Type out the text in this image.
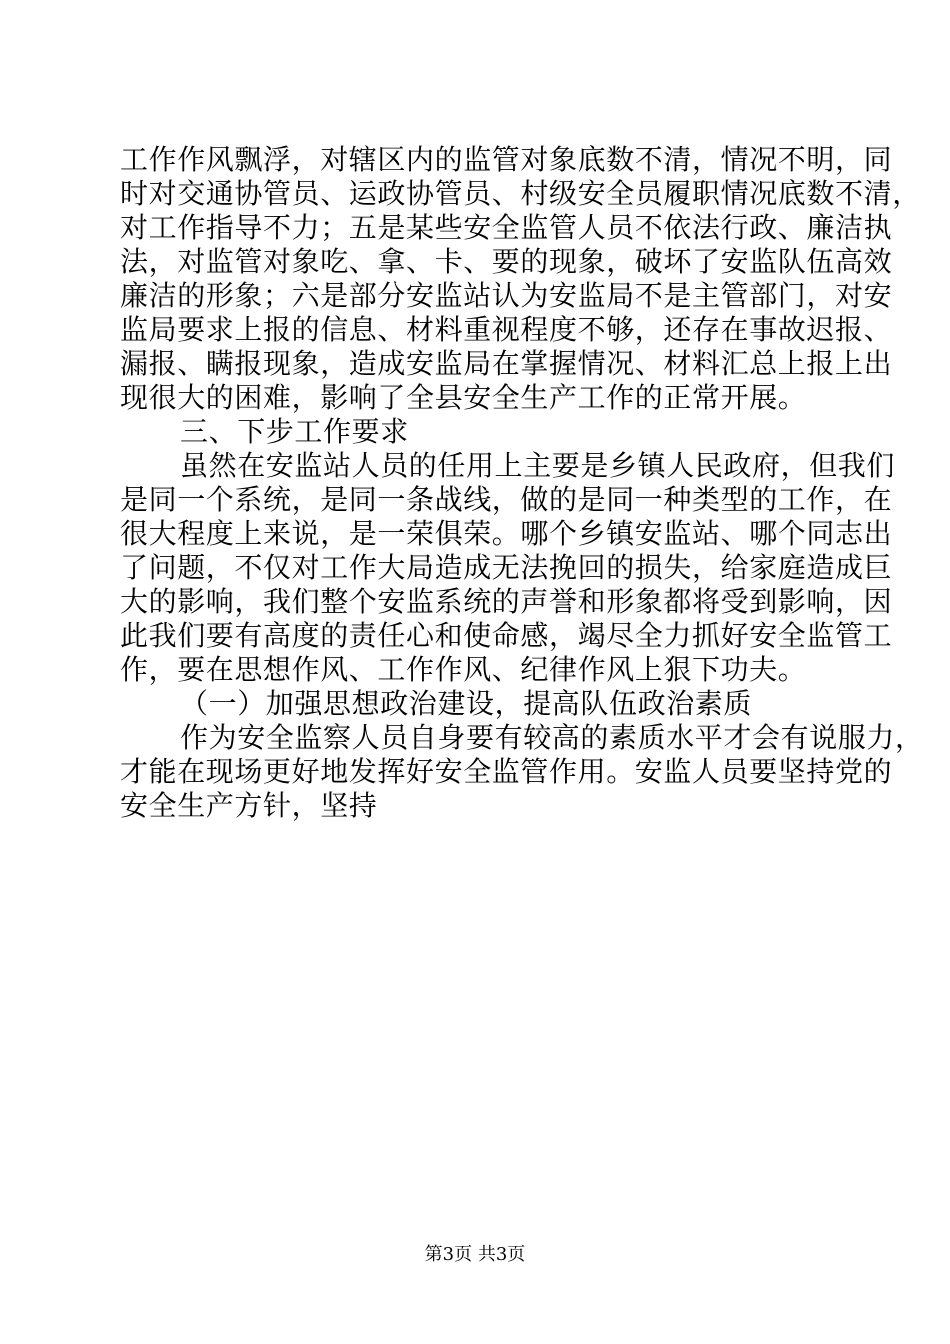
工作作风飘浮，对辖区内的监管对象底数不清，情况不明，同
时对交通协管员、运政协管员、村级安全员履职情况底数不清，
对工作指导不力；五是某些安全监管人员不依法行政、廉洁执
法，对监管对象吃、拿、卡、要的现象，破坏了安监队伍高效
廉洁的形象；六是部分安监站认为安监局不是主管部门，对安
监局要求上报的信息、材料重视程度不够，还存在事故迟报、
漏报、瞒报现象，造成安监局在掌握情况、材料汇总上报上出
现很大的困难，影响了全县安全生产工作的正常开展。
三、下步工作要求
虽然在安监站人员的任用上主要是乡镇人民政府，但我们
是同一个系统，是同一条战线，做的是同一种类型的工作，在
很大程度上来说，是一荣俱荣。哪个乡镇安监站、哪个同志出
了问题，不仅对工作大局造成无法挽回的损失，给家庭造成巨
大的影响，我们整个安监系统的声誉和形象都将受到影响，因
此我们要有高度的责任心和使命感，竭尽全力抓好安全监管工
作，要在思想作风、工作作风、纪律作风上狠下功夫。
（一）加强思想政治建设，提高队伍政治素质
作为安全监察人员自身要有较高的素质水平才会有说服力，
才能在现场更好地发挥好安全监管作用。安监人员要坚持党的
安全生产方针，坚持
第3页 共3页
